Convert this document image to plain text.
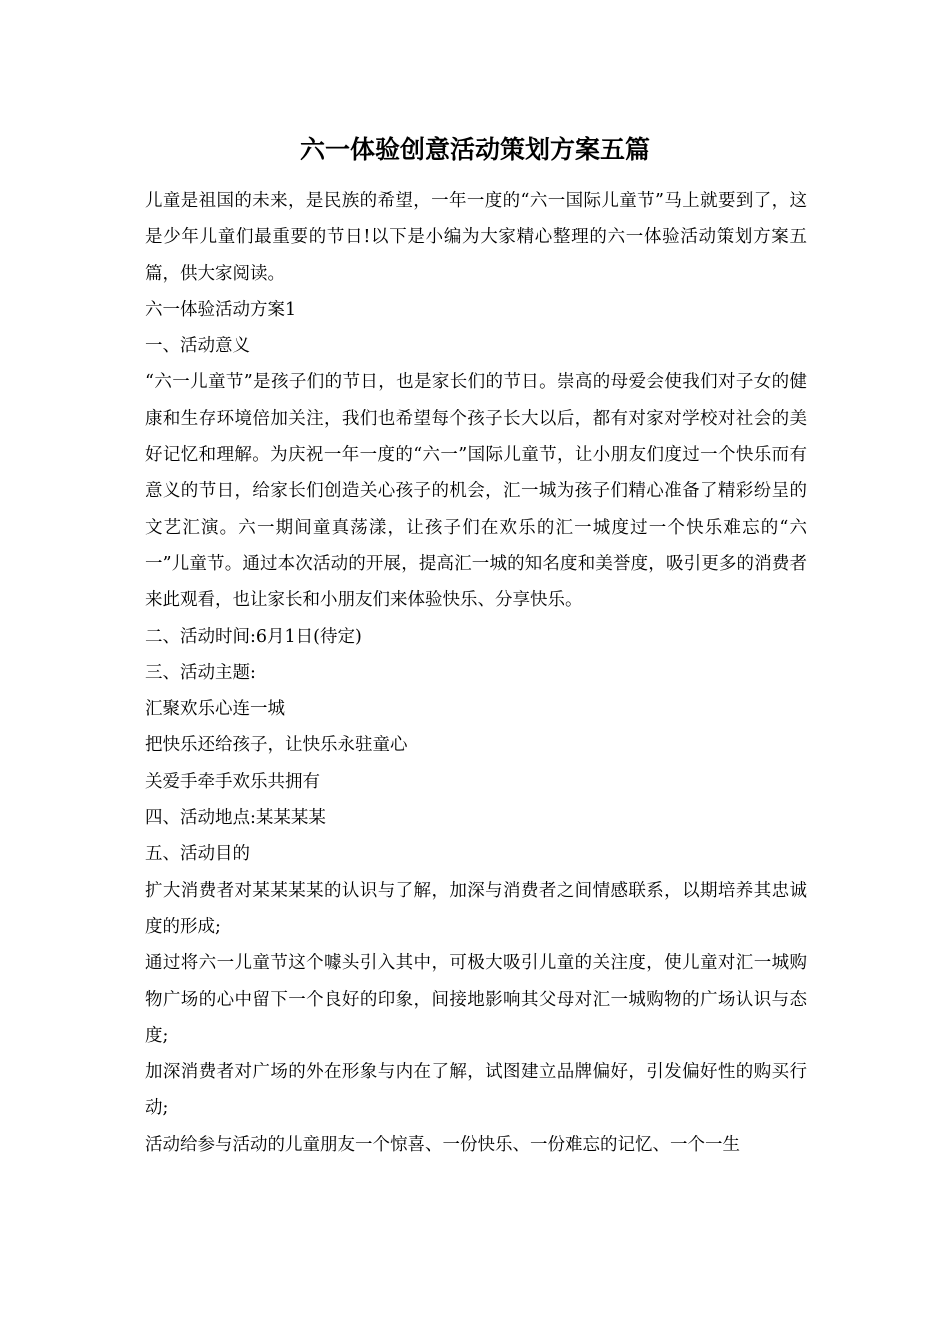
六一体验创意活动策划方案五篇

儿童是祖国的未来，是民族的希望，一年一度的“六一国际儿童节”马上就要到了，这是少年儿童们最重要的节日!以下是小编为大家精心整理的六一体验活动策划方案五篇，供大家阅读。

六一体验活动方案1

一、活动意义

“六一儿童节”是孩子们的节日，也是家长们的节日。崇高的母爱会使我们对子女的健康和生存环境倍加关注，我们也希望每个孩子长大以后，都有对家对学校对社会的美好记忆和理解。为庆祝一年一度的“六一”国际儿童节，让小朋友们度过一个快乐而有意义的节日，给家长们创造关心孩子的机会，汇一城为孩子们精心准备了精彩纷呈的文艺汇演。六一期间童真荡漾，让孩子们在欢乐的汇一城度过一个快乐难忘的“六一”儿童节。通过本次活动的开展，提高汇一城的知名度和美誉度，吸引更多的消费者来此观看，也让家长和小朋友们来体验快乐、分享快乐。

二、活动时间:6月1日(待定)

三、活动主题:

汇聚欢乐心连一城

把快乐还给孩子，让快乐永驻童心

关爱手牵手欢乐共拥有

四、活动地点:某某某某

五、活动目的

扩大消费者对某某某某的认识与了解，加深与消费者之间情感联系，以期培养其忠诚度的形成;

通过将六一儿童节这个噱头引入其中，可极大吸引儿童的关注度，使儿童对汇一城购物广场的心中留下一个良好的印象，间接地影响其父母对汇一城购物的广场认识与态度;

加深消费者对广场的外在形象与内在了解，试图建立品牌偏好，引发偏好性的购买行动;

活动给参与活动的儿童朋友一个惊喜、一份快乐、一份难忘的记忆、一个一生
